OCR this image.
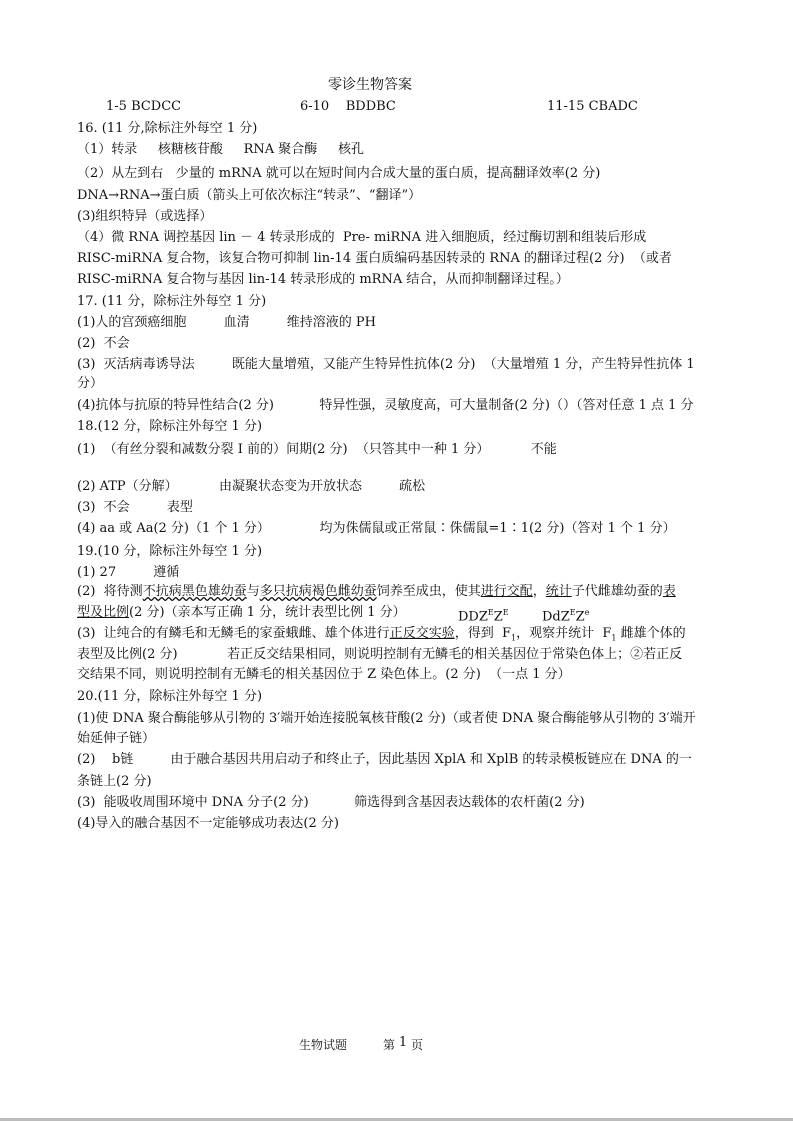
零诊生物答案
1-5 BCDCC	6-10    BDDBC	11-15 CBADC
16. (11 分,除标注外每空 1 分)
（1）转录     核糖核苷酸     RNA 聚合酶     核孔
（2）从左到右   少量的 mRNA 就可以在短时间内合成大量的蛋白质，提高翻译效率(2 分)
DNA→RNA→蛋白质（箭头上可依次标注“转录”、“翻译”）
(3)组织特异（或选择）
（4）微 RNA 调控基因 lin － 4 转录形成的  Pre- miRNA 进入细胞质，经过酶切割和组装后形成
RISC-miRNA 复合物，该复合物可抑制 lin-14 蛋白质编码基因转录的 RNA 的翻译过程(2 分)  （或者
RISC-miRNA 复合物与基因 lin-14 转录形成的 mRNA 结合，从而抑制翻译过程。）
17. (11 分，除标注外每空 1 分)
(1)人的宫颈癌细胞         血清         维持溶液的 PH
(2)  不会
(3)  灭活病毒诱导法         既能大量增殖，又能产生特异性抗体(2 分)  （大量增殖 1 分，产生特异性抗体 1
分）
(4)抗体与抗原的特异性结合(2 分)           特异性强，灵敏度高，可大量制备(2 分)（）（答对任意 1 点 1 分
18.(12 分，除标注外每空 1 分)
(1)  （有丝分裂和减数分裂 I 前的）间期(2 分)  （只答其中一种 1 分）          不能
(2) ATP（分解）          由凝聚状态变为开放状态         疏松
(3)  不会         表型
(4) aa 或 Aa(2 分)（1 个 1 分）            均为侏儒鼠或正常鼠∶侏儒鼠=1∶1(2 分)（答对 1 个 1 分）
19.(10 分，除标注外每空 1 分)
(1) 27         遵循
(2)  将待测不抗病黑色雄幼蚕与多只抗病褐色雌幼蚕饲养至成虫，使其进行交配，统计子代雌雄幼蚕的表
型及比例(2 分)（亲本写正确 1 分，统计表型比例 1 分）	$DDZ^EZ^E$	$DdZ^EZ^e$
(3)  让纯合的有鳞毛和无鳞毛的家蚕蛾雌、雄个体进行正反交实验，得到  $F_1$，观察并统计  $F_1$ 雌雄个体的
表型及比例(2 分)            若正反交结果相同，则说明控制有无鳞毛的相关基因位于常染色体上；②若正反
交结果不同，则说明控制有无鳞毛的相关基因位于 Z 染色体上。(2 分)  （一点 1 分）
20.(11 分，除标注外每空 1 分)
(1)使 DNA 聚合酶能够从引物的 3′端开始连接脱氧核苷酸(2 分)（或者使 DNA 聚合酶能够从引物的 3′端开
始延伸子链）
(2)    b链         由于融合基因共用启动子和终止子，因此基因 XplA 和 XplB 的转录模板链应在 DNA 的一
条链上(2 分)
(3)  能吸收周围环境中 DNA 分子(2 分)           筛选得到含基因表达载体的农杆菌(2 分)
(4)导入的融合基因不一定能够成功表达(2 分)
生物试题	第 1 页
